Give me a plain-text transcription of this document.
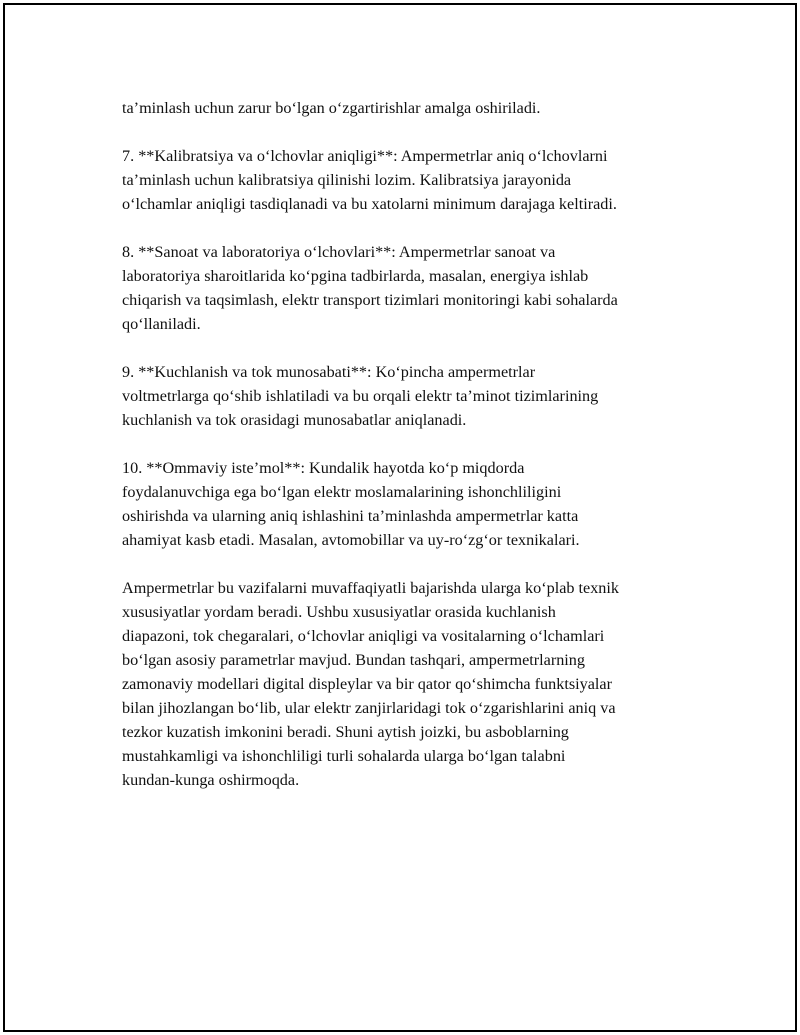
ta’minlash uchun zarur bo‘lgan o‘zgartirishlar amalga oshiriladi.

7. **Kalibratsiya va o‘lchovlar aniqligi**: Ampermetrlar aniq o‘lchovlarni
ta’minlash uchun kalibratsiya qilinishi lozim. Kalibratsiya jarayonida
o‘lchamlar aniqligi tasdiqlanadi va bu xatolarni minimum darajaga keltiradi.

8. **Sanoat va laboratoriya o‘lchovlari**: Ampermetrlar sanoat va
laboratoriya sharoitlarida ko‘pgina tadbirlarda, masalan, energiya ishlab
chiqarish va taqsimlash, elektr transport tizimlari monitoringi kabi sohalarda
qo‘llaniladi.

9. **Kuchlanish va tok munosabati**: Ko‘pincha ampermetrlar
voltmetrlarga qo‘shib ishlatiladi va bu orqali elektr ta’minot tizimlarining
kuchlanish va tok orasidagi munosabatlar aniqlanadi.

10. **Ommaviy iste’mol**: Kundalik hayotda ko‘p miqdorda
foydalanuvchiga ega bo‘lgan elektr moslamalarining ishonchliligini
oshirishda va ularning aniq ishlashini ta’minlashda ampermetrlar katta
ahamiyat kasb etadi. Masalan, avtomobillar va uy-ro‘zg‘or texnikalari.

Ampermetrlar bu vazifalarni muvaffaqiyatli bajarishda ularga ko‘plab texnik
xususiyatlar yordam beradi. Ushbu xususiyatlar orasida kuchlanish
diapazoni, tok chegaralari, o‘lchovlar aniqligi va vositalarning o‘lchamlari
bo‘lgan asosiy parametrlar mavjud. Bundan tashqari, ampermetrlarning
zamonaviy modellari digital displeylar va bir qator qo‘shimcha funktsiyalar
bilan jihozlangan bo‘lib, ular elektr zanjirlaridagi tok o‘zgarishlarini aniq va
tezkor kuzatish imkonini beradi. Shuni aytish joizki, bu asboblarning
mustahkamligi va ishonchliligi turli sohalarda ularga bo‘lgan talabni
kundan-kunga oshirmoqda.
